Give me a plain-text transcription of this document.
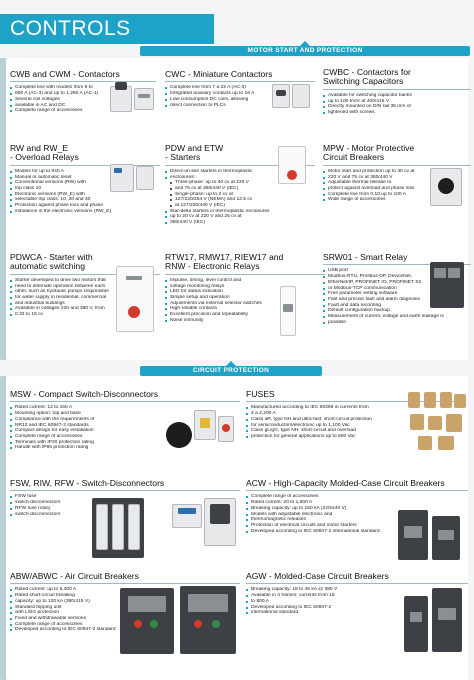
CONTROLS
MOTOR START AND PROTECTION
CWB and CWM - Contactors
Complete line with models from 9 to
800 A (AC-3) and up to 1,260 A (AC-1)
Several coil voltages
available in AC and DC
Complete range of accessories
CWC - Miniature Contactors
Complete line from 7 a 22 A (AC-3)
Integrated auxiliary contacts up to 16 A
Low-consumption DC coils, allowing
direct connection to PLCs
CWBC - Contactors for
Switching Capacitors
Available for switching capacitor banks
up to 100 kVAr at 400/415 V
Directly mounted on DIN rail 35 mm or
fightened with screws
RW and RW_E
- Overload Relays
Models for up to 840 A
Manual or automatic reset
Conventional versions (RW) with
trip class 10
Electronic versions (RW_E) with
selectable trip class: 10, 20 and 30
Protection against phase loss and phase
imbalance in the electronic versions (RW_E)
PDW and ETW
- Starters
Direct-on-line starters in thermoplastic
enclosures:
Three-phase: up to 40 cv at 220 V
and 75 cv at 380/440 V (IEC)
Single-phase: up to 2 cv at
127/220/254 V (NEMA) and 12.5 cv
at 127/230/440 V (IEC)
Star-delta starters in thermoplastic enclosures
up to 20 cv at 220 V and 25 cv at
380/440 V (IEC)
MPW - Motor Protective
Circuit Breakers
Motor start and protection up to 40 cv at
220 V and 75 cv at 380/440 V
Adjustable thermal release to
protect against overload and phase loss
Complete line from 0.10 up to 100 A
Wide range of accessories
PDWCA - Starter with
automatic switching
Starter developed to drive two motors that
need to alternate operation between each
other, such as hydraulic pumps responsible
for water supply in residential, commercial
and industrial buildings
Available in voltages 220 and 380 V, from
0.33 to 15 cv
RTW17, RMW17, RIEW17 and
RNW - Electronic Relays
Impulse, timing, level control and
voltage monitoring relays
LED for status indication
Simple setup and operation
Adjustments via external selector switches
High-reliable contacts
Excellent precision and repeatability
Noise immunity
SRW01 - Smart Relay
USB port
Modbus-RTU, Profibus-DP, DeviceNet,
EtherNet/IP, PROFINET IO, PROFINET S2
or Modbus-TCP communication
Free parameter setting software
Fast and precise fault and alarm diagnosis
Fault and data recording
Default configuration backup
Measurement of current, voltage and earth leakage is
possible
CIRCUIT PROTECTION
MSW - Compact Switch-Disconnectors
Rated current: 12 to 160 A
Mounting option: top and base
Compliance with the requirements of
NR12 and IEC 60947-3 standards
Compact design for easy installation
Complete range of accessories
Terminals with IP20 protection rating
Handle with IP65 protection rating
FUSES
Manufactured according to IEC 60269 in currents from
4 a 2,200 A
Class aR, type NH and ultra-fast: short-circuit protection
for semiconductors/electronic up to 1,100 Vac
Class gL/gG, type NH: short-circuit and overload
protection for general applications up to 500 Vac
FSW, RIW, RFW - Switch-Disconnectors
FSW fuse
switch-disconnectors
RFW fuse rotary
switch-disconnectors
ACW - High-Capacity Molded-Case Circuit Breakers
Complete range of accessories
Rated current: 20 to 1,600 A
Breaking capacity: up to 150 kA (220/240 V)
Models with adjustable electronic and
thermomagnetic releases
Protection of electrical circuits and motor starters
Developed according to IEC 60947-2 international standard
ABW/ABWC - Air Circuit Breakers
Rated current: up to 6,300 A
Rated short-circuit breaking
capacity: up to 120 kA (380/415 V)
Standard tripping unit
with LSIG protection
Fixed and withdrawable versions
Complete range of accessories
Developed according to IEC 60947-2 standard
AGW - Molded-Case Circuit Breakers
Breaking capacity: 18 to 45 kA @ 380 V
Available in 4 frames: currents from 16
to 800 A
Developed according to IEC 60947-2
international standard
